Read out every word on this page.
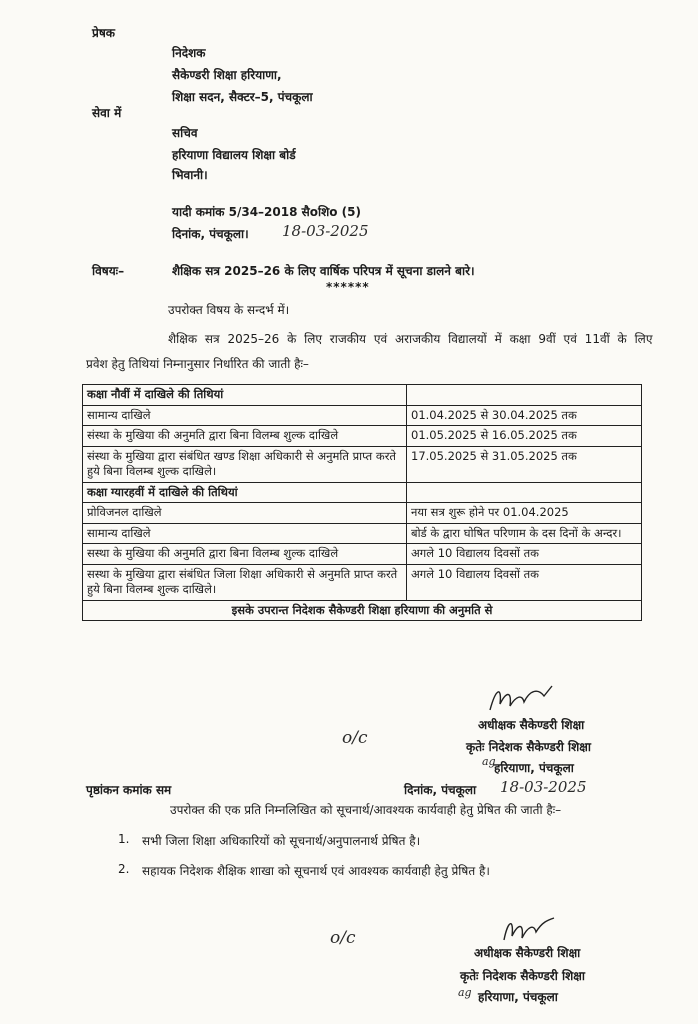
प्रेषक
निदेशक
सैकेण्डरी शिक्षा हरियाणा,
शिक्षा सदन, सैक्टर–5, पंचकूला
सेवा में
सचिव
हरियाणा विद्यालय शिक्षा बोर्ड
भिवानी।
यादी कमांक 5/34–2018 सैoशिo (5)
दिनांक, पंचकूला। 18-03-2025
विषयः–	शैक्षिक सत्र 2025–26 के लिए वार्षिक परिपत्र में सूचना डालने बारे।
******
उपरोक्त विषय के सन्दर्भ में।
शैक्षिक सत्र 2025–26 के लिए राजकीय एवं अराजकीय विद्यालयों में कक्षा 9वीं एवं 11वीं के लिए
प्रवेश हेतु तिथियां निम्नानुसार निर्धारित की जाती हैः–
कक्षा नौवीं में दाखिले की तिथियां	
सामान्य दाखिले	01.04.2025 से 30.04.2025 तक
संस्था के मुखिया की अनुमति द्वारा बिना विलम्ब शुल्क दाखिले	01.05.2025 से 16.05.2025 तक
संस्था के मुखिया द्वारा संबंधित खण्ड शिक्षा अधिकारी से अनुमति प्राप्त करते हुये बिना विलम्ब शुल्क दाखिले।	17.05.2025 से 31.05.2025 तक
कक्षा ग्यारहवीं में दाखिले की तिथियां	
प्रोविजनल दाखिले	नया सत्र शुरू होने पर 01.04.2025
सामान्य दाखिले	बोर्ड के द्वारा घोषित परिणाम के दस दिनों के अन्दर।
सस्था के मुखिया की अनुमति द्वारा बिना विलम्ब शुल्क दाखिले	अगले 10 विद्यालय दिवसों तक
सस्था के मुखिया द्वारा संबंधित जिला शिक्षा अधिकारी से अनुमति प्राप्त करते हुये बिना विलम्ब शुल्क दाखिले।	अगले 10 विद्यालय दिवसों तक
इसके उपरान्त निदेशक सैकेण्डरी शिक्षा हरियाणा की अनुमति से	
o/c
अधीक्षक सैकेण्डरी शिक्षा
कृतेः निदेशक सैकेण्डरी शिक्षा
ag
हरियाणा, पंचकूला
पृष्ठांकन कमांक सम	दिनांक, पंचकूला 18-03-2025
उपरोक्त की एक प्रति निम्नलिखित को सूचनार्थ/आवश्यक कार्यवाही हेतु प्रेषित की जाती हैः–
1. सभी जिला शिक्षा अधिकारियों को सूचनार्थ/अनुपालनार्थ प्रेषित है।
2. सहायक निदेशक शैक्षिक शाखा को सूचनार्थ एवं आवश्यक कार्यवाही हेतु प्रेषित है।
o/c
अधीक्षक सैकेण्डरी शिक्षा
कृतेः निदेशक सैकेण्डरी शिक्षा
ag हरियाणा, पंचकूला
